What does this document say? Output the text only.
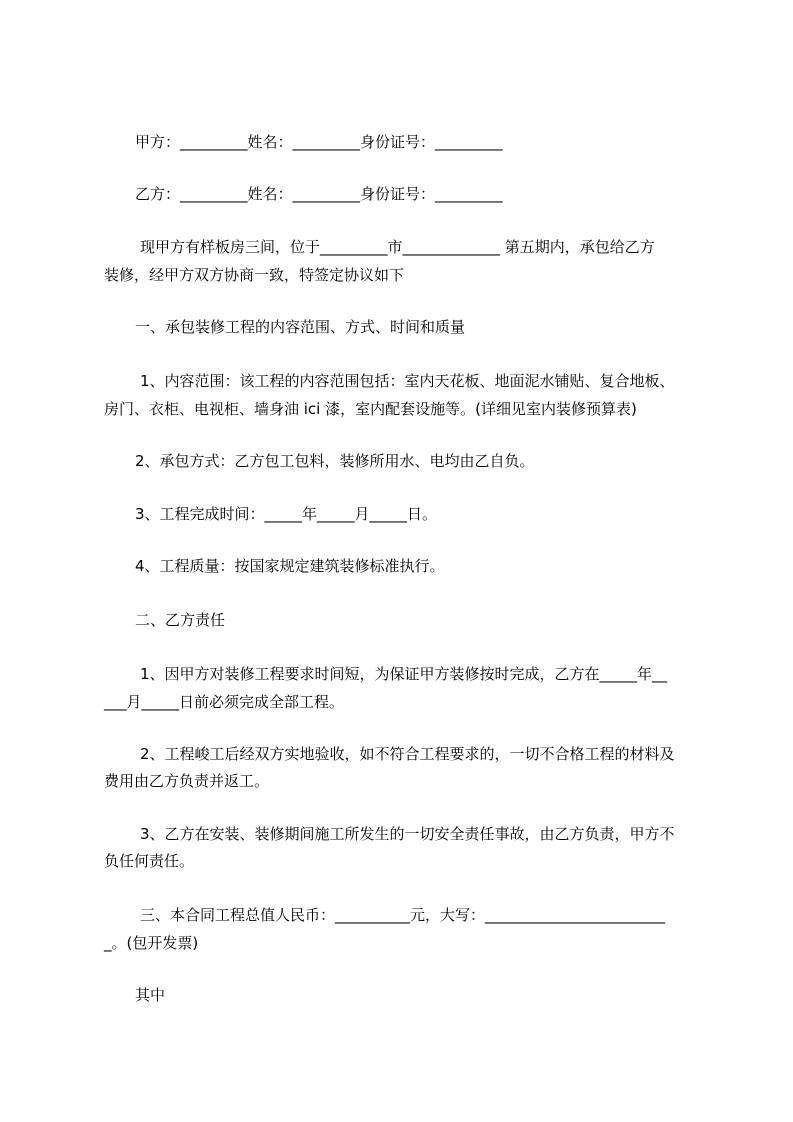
甲方：_________姓名：_________身份证号：_________

乙方：_________姓名：_________身份证号：_________

现甲方有样板房三间，位于_________市_____________ 第五期内，承包给乙方

装修，经甲方双方协商一致，特签定协议如下

一、承包装修工程的内容范围、方式、时间和质量

1、内容范围：该工程的内容范围包括：室内天花板、地面泥水铺贴、复合地板、

房门、衣柜、电视柜、墙身油 ici 漆，室内配套设施等。(详细见室内装修预算表)

2、承包方式：乙方包工包料，装修所用水、电均由乙自负。

3、工程完成时间：_____年_____月_____日。

4、工程质量：按国家规定建筑装修标准执行。

二、乙方责任

1、因甲方对装修工程要求时间短，为保证甲方装修按时完成，乙方在_____年__

___月_____日前必须完成全部工程。

2、工程峻工后经双方实地验收，如不符合工程要求的，一切不合格工程的材料及

费用由乙方负责并返工。

3、乙方在安装、装修期间施工所发生的一切安全责任事故，由乙方负责，甲方不

负任何责任。

三、本合同工程总值人民币：__________元，大写：________________________

_。(包开发票)

其中
